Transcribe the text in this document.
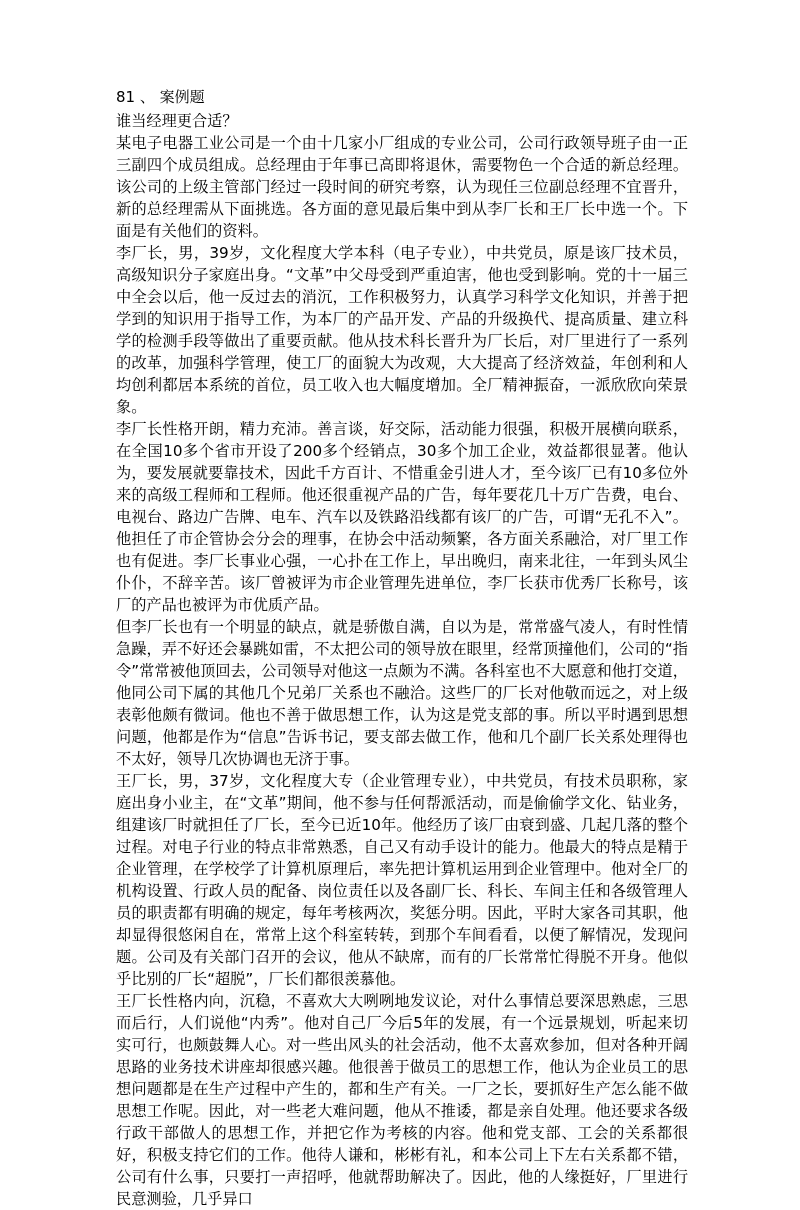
81 、 案例题

谁当经理更合适？

某电子电器工业公司是一个由十几家小厂组成的专业公司，公司行政领导班子由一正三副四个成员组成。总经理由于年事已高即将退休，需要物色一个合适的新总经理。该公司的上级主管部门经过一段时间的研究考察，认为现任三位副总经理不宜晋升，新的总经理需从下面挑选。各方面的意见最后集中到从李厂长和王厂长中选一个。下面是有关他们的资料。

李厂长，男，39岁，文化程度大学本科（电子专业），中共党员，原是该厂技术员，高级知识分子家庭出身。“文革”中父母受到严重迫害，他也受到影响。党的十一届三中全会以后，他一反过去的消沉，工作积极努力，认真学习科学文化知识，并善于把学到的知识用于指导工作，为本厂的产品开发、产品的升级换代、提高质量、建立科学的检测手段等做出了重要贡献。他从技术科长晋升为厂长后，对厂里进行了一系列的改革，加强科学管理，使工厂的面貌大为改观，大大提高了经济效益，年创利和人均创利都居本系统的首位，员工收入也大幅度增加。全厂精神振奋，一派欣欣向荣景象。

李厂长性格开朗，精力充沛。善言谈，好交际，活动能力很强，积极开展横向联系，在全国10多个省市开设了200多个经销点，30多个加工企业，效益都很显著。他认为，要发展就要靠技术，因此千方百计、不惜重金引进人才，至今该厂已有10多位外来的高级工程师和工程师。他还很重视产品的广告，每年要花几十万广告费，电台、电视台、路边广告牌、电车、汽车以及铁路沿线都有该厂的广告，可谓“无孔不入”。他担任了市企管协会分会的理事，在协会中活动频繁，各方面关系融洽，对厂里工作也有促进。李厂长事业心强，一心扑在工作上，早出晚归，南来北往，一年到头风尘仆仆，不辞辛苦。该厂曾被评为市企业管理先进单位，李厂长获市优秀厂长称号，该厂的产品也被评为市优质产品。

但李厂长也有一个明显的缺点，就是骄傲自满，自以为是，常常盛气凌人，有时性情急躁，弄不好还会暴跳如雷，不太把公司的领导放在眼里，经常顶撞他们，公司的“指令”常常被他顶回去，公司领导对他这一点颇为不满。各科室也不大愿意和他打交道，他同公司下属的其他几个兄弟厂关系也不融洽。这些厂的厂长对他敬而远之，对上级表彰他颇有微词。他也不善于做思想工作，认为这是党支部的事。所以平时遇到思想问题，他都是作为“信息”告诉书记，要支部去做工作，他和几个副厂长关系处理得也不太好，领导几次协调也无济于事。

王厂长，男，37岁，文化程度大专（企业管理专业），中共党员，有技术员职称，家庭出身小业主，在“文革”期间，他不参与任何帮派活动，而是偷偷学文化、钻业务，组建该厂时就担任了厂长，至今已近10年。他经历了该厂由衰到盛、几起几落的整个过程。对电子行业的特点非常熟悉，自己又有动手设计的能力。他最大的特点是精于企业管理，在学校学了计算机原理后，率先把计算机运用到企业管理中。他对全厂的机构设置、行政人员的配备、岗位责任以及各副厂长、科长、车间主任和各级管理人员的职责都有明确的规定，每年考核两次，奖惩分明。因此，平时大家各司其职，他却显得很悠闲自在，常常上这个科室转转，到那个车间看看，以便了解情况，发现问题。公司及有关部门召开的会议，他从不缺席，而有的厂长常常忙得脱不开身。他似乎比别的厂长“超脱”，厂长们都很羡慕他。

王厂长性格内向，沉稳，不喜欢大大咧咧地发议论，对什么事情总要深思熟虑，三思而后行，人们说他“内秀”。他对自己厂今后5年的发展，有一个远景规划，听起来切实可行，也颇鼓舞人心。对一些出风头的社会活动，他不太喜欢参加，但对各种开阔思路的业务技术讲座却很感兴趣。他很善于做员工的思想工作，他认为企业员工的思想问题都是在生产过程中产生的，都和生产有关。一厂之长，要抓好生产怎么能不做思想工作呢。因此，对一些老大难问题，他从不推诿，都是亲自处理。他还要求各级行政干部做人的思想工作，并把它作为考核的内容。他和党支部、工会的关系都很好，积极支持它们的工作。他待人谦和，彬彬有礼，和本公司上下左右关系都不错，公司有什么事，只要打一声招呼，他就帮助解决了。因此，他的人缘挺好，厂里进行民意测验，几乎异口
